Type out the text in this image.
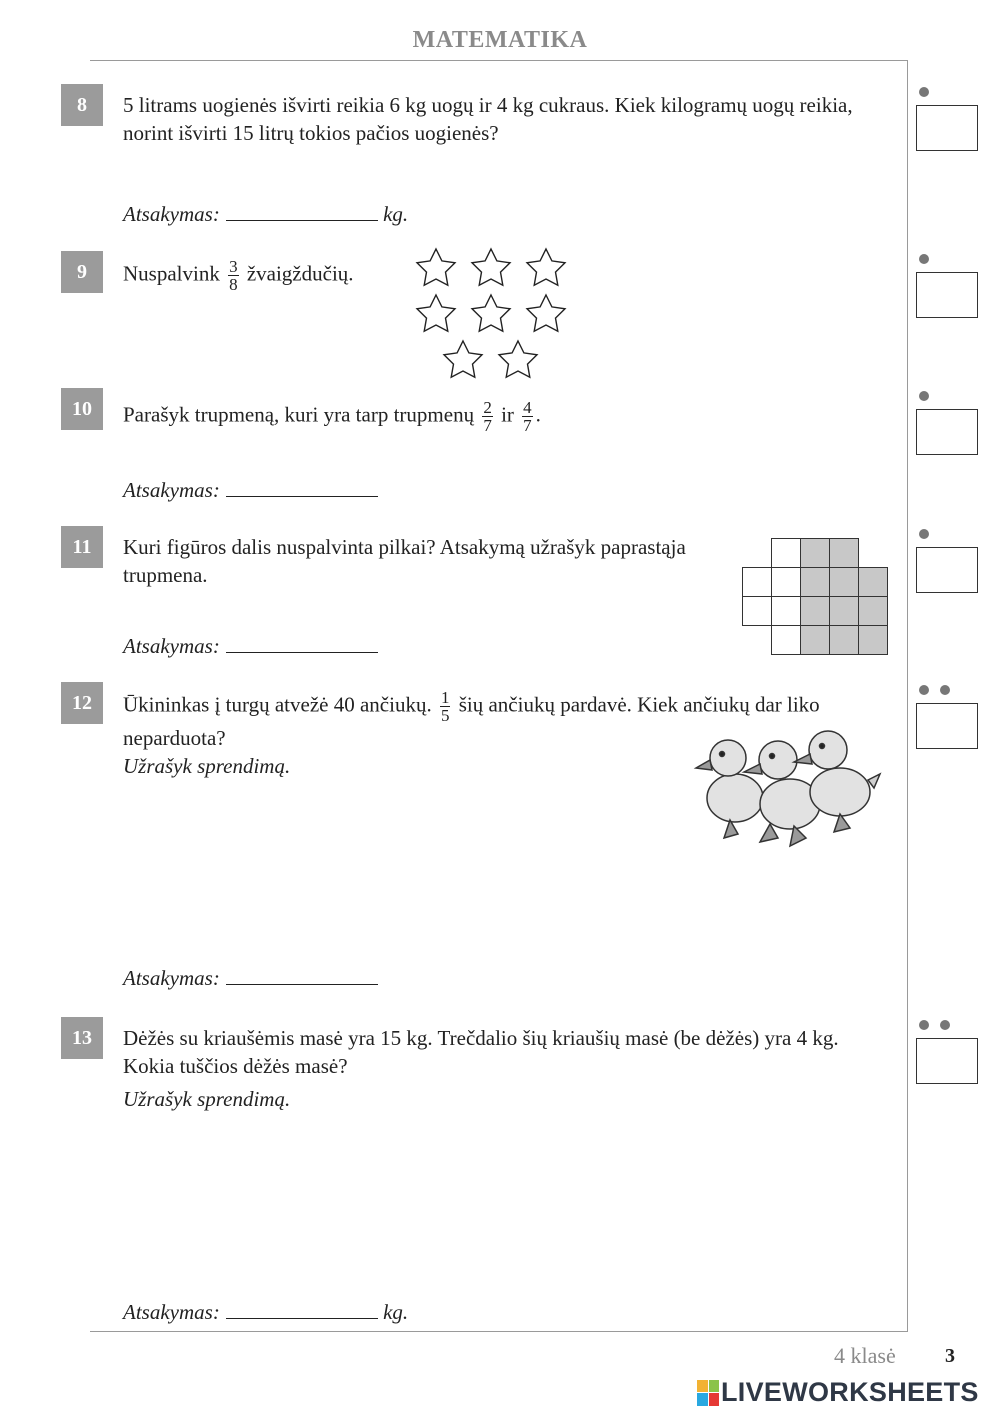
MATEMATIKA
8	5 litrams uogienės išvirti reikia 6 kg uogų ir 4 kg cukraus. Kiek kilogramų uogų reikia, norint išvirti 15 litrų tokios pačios uogienės?
Atsakymas:	kg.
9	Nuspalvink $\frac{3}{8}$ žvaigždučių.
10	Parašyk trupmeną, kuri yra tarp trupmenų $\frac{2}{7}$ ir $\frac{4}{7}$ .
Atsakymas:
11	Kuri figūros dalis nuspalvinta pilkai? Atsakymą užrašyk paprastąja trupmena.
Atsakymas:
12	Ūkininkas į turgų atvežė 40 ančiukų. $\frac{1}{5}$ šių ančiukų pardavė. Kiek ančiukų dar liko neparduota?
Užrašyk sprendimą.
Atsakymas:
13	Dėžės su kriaušėmis masė yra 15 kg. Trečdalio šių kriaušių masė (be dėžės) yra 4 kg. Kokia tuščios dėžės masė?
Užrašyk sprendimą.
Atsakymas:	kg.
4 klasė 3
LIVEWORKSHEETS
